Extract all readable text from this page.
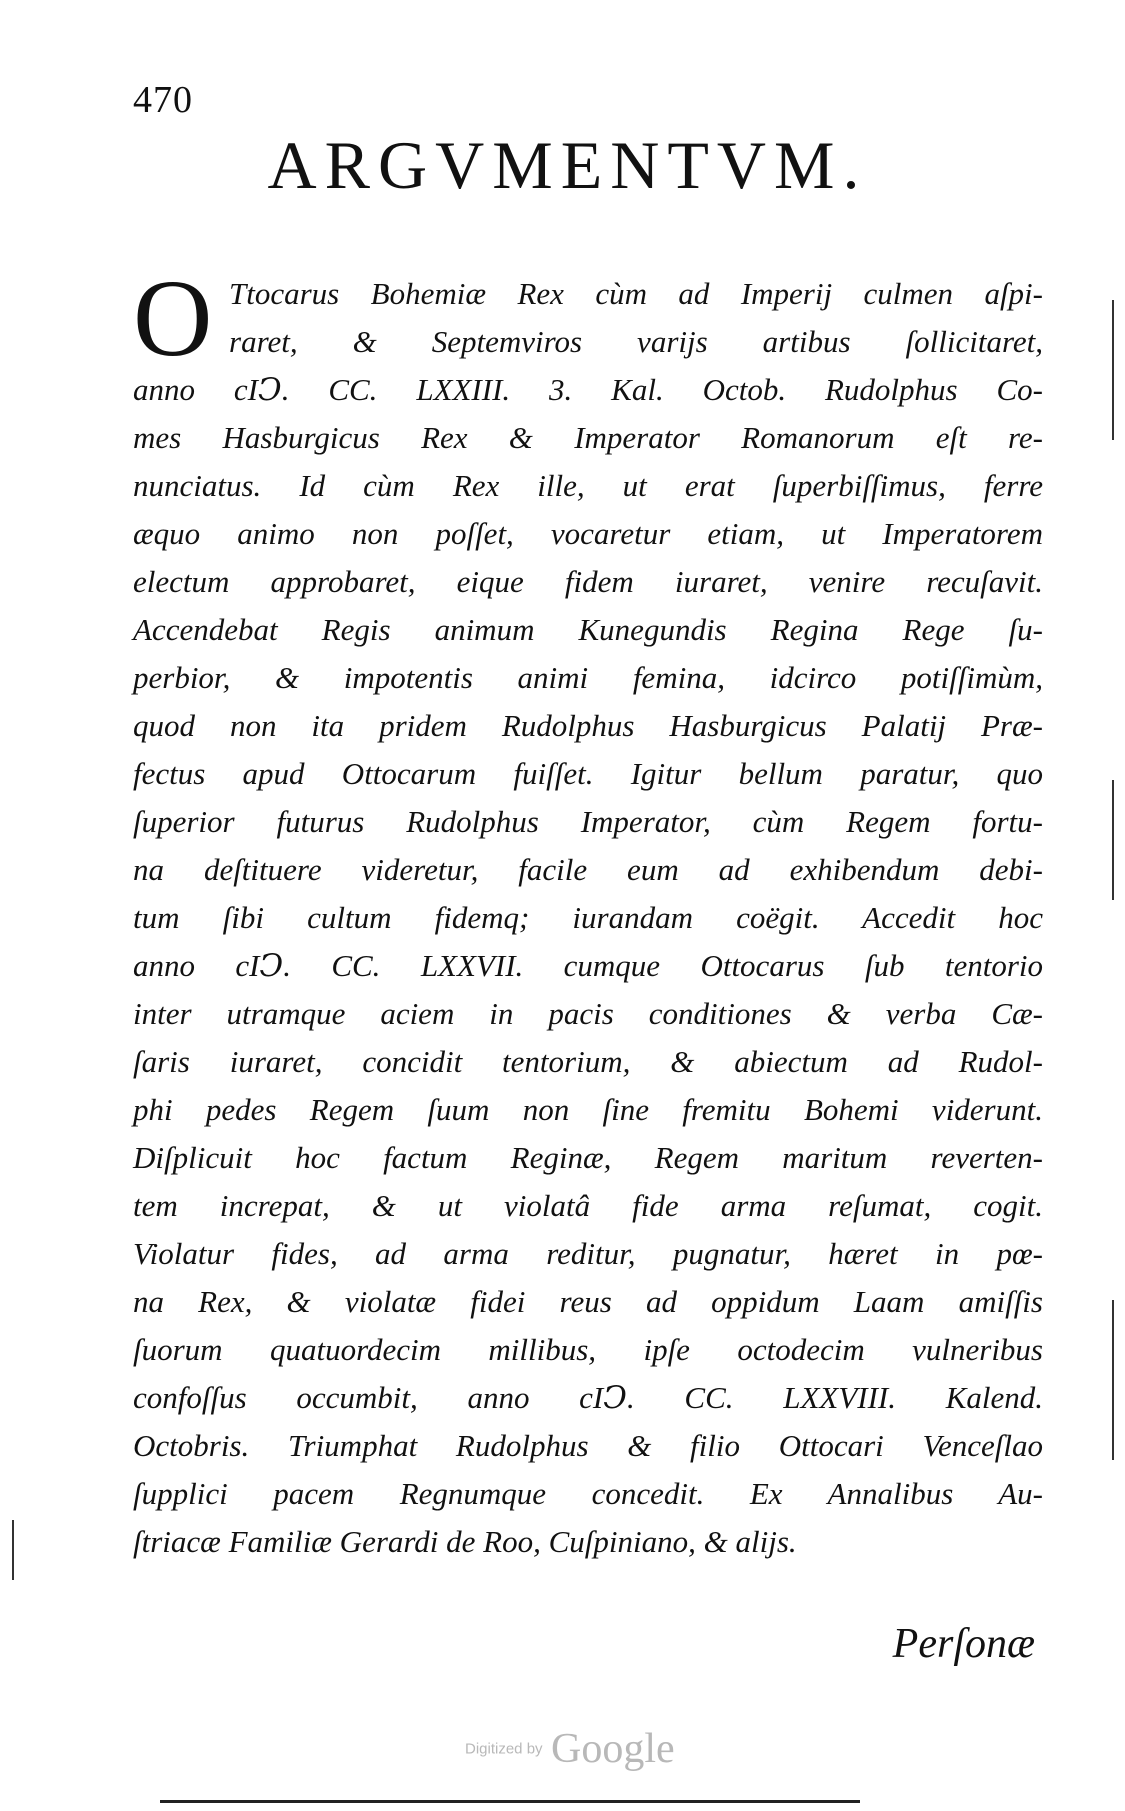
470
ARGVMENTVM.
O Ttocarus Bohemiæ Rex cùm ad Imperij culmen aſpi-
raret, & Septemviros varijs artibus ſollicitaret,
anno cIↃ. CC. LXXIII. 3. Kal. Octob. Rudolphus Co-
mes Hasburgicus Rex & Imperator Romanorum eſt re-
nunciatus. Id cùm Rex ille, ut erat ſuperbiſſimus, ferre
æquo animo non poſſet, vocaretur etiam, ut Imperatorem
electum approbaret, eique fidem iuraret, venire recuſavit.
Accendebat Regis animum Kunegundis Regina Rege ſu-
perbior, & impotentis animi femina, idcirco potiſſimùm,
quod non ita pridem Rudolphus Hasburgicus Palatij Præ-
fectus apud Ottocarum fuiſſet. Igitur bellum paratur, quo
ſuperior futurus Rudolphus Imperator, cùm Regem fortu-
na deſtituere videretur, facile eum ad exhibendum debi-
tum ſibi cultum fidemq; iurandam coëgit. Accedit hoc
anno cIↃ. CC. LXXVII. cumque Ottocarus ſub tentorio
inter utramque aciem in pacis conditiones & verba Cæ-
ſaris iuraret, concidit tentorium, & abiectum ad Rudol-
phi pedes Regem ſuum non ſine fremitu Bohemi viderunt.
Diſplicuit hoc factum Reginæ, Regem maritum reverten-
tem increpat, & ut violatâ fide arma reſumat, cogit.
Violatur fides, ad arma reditur, pugnatur, hæret in pœ-
na Rex, & violatæ fidei reus ad oppidum Laam amiſſis
ſuorum quatuordecim millibus, ipſe octodecim vulneribus
confoſſus occumbit, anno cIↃ. CC. LXXVIII. Kalend.
Octobris. Triumphat Rudolphus & filio Ottocari Venceſlao
ſupplici pacem Regnumque concedit. Ex Annalibus Au-
ſtriacæ Familiæ Gerardi de Roo, Cuſpiniano, & alijs.
Perſonæ
Digitized by Google
